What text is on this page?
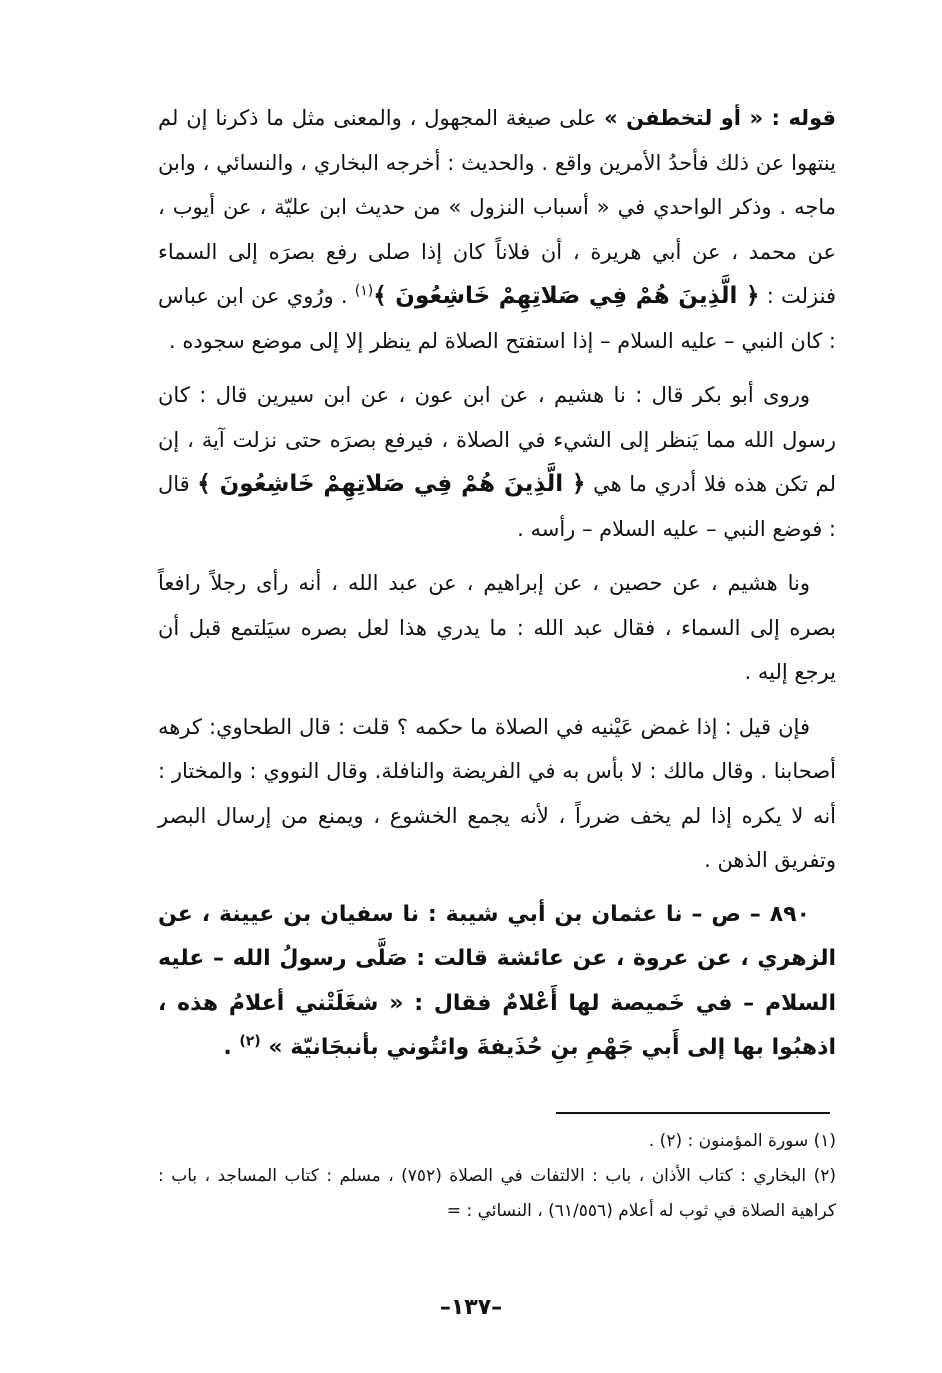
قوله : « أو لتخطفن » على صيغة المجهول ، والمعنى مثل ما ذكرنا إن لم ينتهوا عن ذلك فأحدُ الأمرين واقع . والحديث : أخرجه البخاري ، والنسائي ، وابن ماجه . وذكر الواحدي في « أسباب النزول » من حديث ابن عليّة ، عن أيوب ، عن محمد ، عن أبي هريرة ، أن فلاناً كان إذا صلى رفع بصرَه إلى السماء فنزلت : ﴿ الَّذِينَ هُمْ فِي صَلاتِهِمْ خَاشِعُونَ ﴾$^{(١)}$ . ورُوي عن ابن عباس : كان النبي – عليه السلام – إذا استفتح الصلاة لم ينظر إلا إلى موضع سجوده .

وروى أبو بكر قال : نا هشيم ، عن ابن عون ، عن ابن سيرين قال : كان رسول الله مما يَنظر إلى الشيء في الصلاة ، فيرفع بصرَه حتى نزلت آية ، إن لم تكن هذه فلا أدري ما هي ﴿ الَّذِينَ هُمْ فِي صَلاتِهِمْ خَاشِعُونَ ﴾ قال : فوضع النبي – عليه السلام – رأسه .

ونا هشيم ، عن حصين ، عن إبراهيم ، عن عبد الله ، أنه رأى رجلاً رافعاً بصره إلى السماء ، فقال عبد الله : ما يدري هذا لعل بصره سيَلتمع قبل أن يرجع إليه .

فإن قيل : إذا غمض عَيْنيه في الصلاة ما حكمه ؟ قلت : قال الطحاوي: كرهه أصحابنا . وقال مالك : لا بأس به في الفريضة والنافلة. وقال النووي : والمختار : أنه لا يكره إذا لم يخف ضرراً ، لأنه يجمع الخشوع ، ويمنع من إرسال البصر وتفريق الذهن .

٨٩٠ – ص – نا عثمان بن أبي شيبة : نا سفيان بن عيينة ، عن الزهري ، عن عروة ، عن عائشة قالت : صَلَّى رسولُ الله – عليه السلام – في خَميصة لها أَعْلامٌ فقال : « شغَلَتْني أعلامُ هذه ، اذهبُوا بها إلى أَبي جَهْمِ بنِ حُذَيفةَ وائتُوني بأنبجَانيّة » $^{(٢)}$ .

(١) سورة المؤمنون : (٢) .

(٢) البخاري : كتاب الأذان ، باب : الالتفات في الصلاة (٧٥٢) ، مسلم : كتاب المساجد ، باب : كراهية الصلاة في ثوب له أعلام (٦١/٥٥٦) ، النسائي : =

–١٣٧–
